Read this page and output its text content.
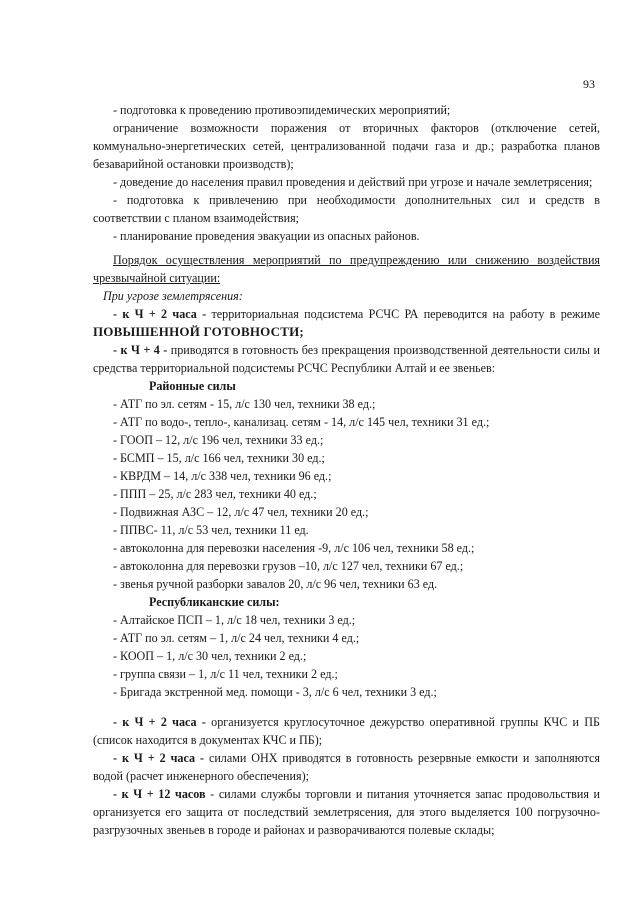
93

- подготовка к проведению противоэпидемических мероприятий;

ограничение возможности поражения от вторичных факторов (отключение сетей, коммунально-энергетических сетей, централизованной подачи газа и др.; разработка планов безаварийной остановки производств);

- доведение до населения правил проведения и действий при угрозе и начале землетрясения;

- подготовка к привлечению при необходимости дополнительных сил и средств в соответствии с планом взаимодействия;

- планирование проведения эвакуации из опасных районов.

Порядок осуществления мероприятий по предупреждению или снижению воздействия чрезвычайной ситуации:

При угрозе землетрясения:

- к Ч + 2 часа - территориальная подсистема РСЧС РА переводится на работу в режиме ПОВЫШЕННОЙ ГОТОВНОСТИ;

- к Ч + 4 - приводятся в готовность без прекращения производственной деятельности силы и средства территориальной подсистемы РСЧС Республики Алтай и ее звеньев:

Районные силы

- АТГ по эл. сетям - 15, л/с 130 чел, техники 38 ед.;

- АТГ по водо-, тепло-, канализац. сетям - 14, л/с 145 чел, техники 31 ед.;

- ГООП – 12, л/с 196 чел, техники 33 ед.;

- БСМП – 15, л/с 166 чел, техники 30 ед.;

- КВРДМ – 14, л/с 338 чел, техники 96 ед.;

- ППП – 25, л/с 283 чел, техники 40 ед.;

- Подвижная АЗС – 12, л/с 47 чел, техники 20 ед.;

- ППВС- 11, л/с 53 чел, техники 11 ед.

- автоколонна для перевозки населения -9, л/с 106 чел, техники 58 ед.;

- автоколонна для перевозки грузов –10, л/с 127 чел, техники 67 ед.;

- звенья ручной разборки завалов 20, л/с 96 чел, техники 63 ед.

Республиканские силы:

- Алтайское ПСП – 1, л/с 18 чел, техники 3 ед.;

- АТГ по эл. сетям – 1, л/с 24 чел, техники 4 ед.;

- КООП – 1, л/с 30 чел, техники 2 ед.;

- группа связи – 1, л/с 11 чел, техники 2 ед.;

- Бригада экстренной мед. помощи - 3, л/с 6 чел, техники 3 ед.;

- к Ч + 2 часа - организуется круглосуточное дежурство оперативной группы КЧС и ПБ (список находится в документах КЧС и ПБ);

- к Ч + 2 часа - силами ОНХ приводятся в готовность резервные емкости и заполняются водой (расчет инженерного обеспечения);

- к Ч + 12 часов - силами службы торговли и питания уточняется запас продовольствия и организуется его защита от последствий землетрясения, для этого выделяется 100 погрузочно-разгрузочных звеньев в городе и районах и разворачиваются полевые склады;
